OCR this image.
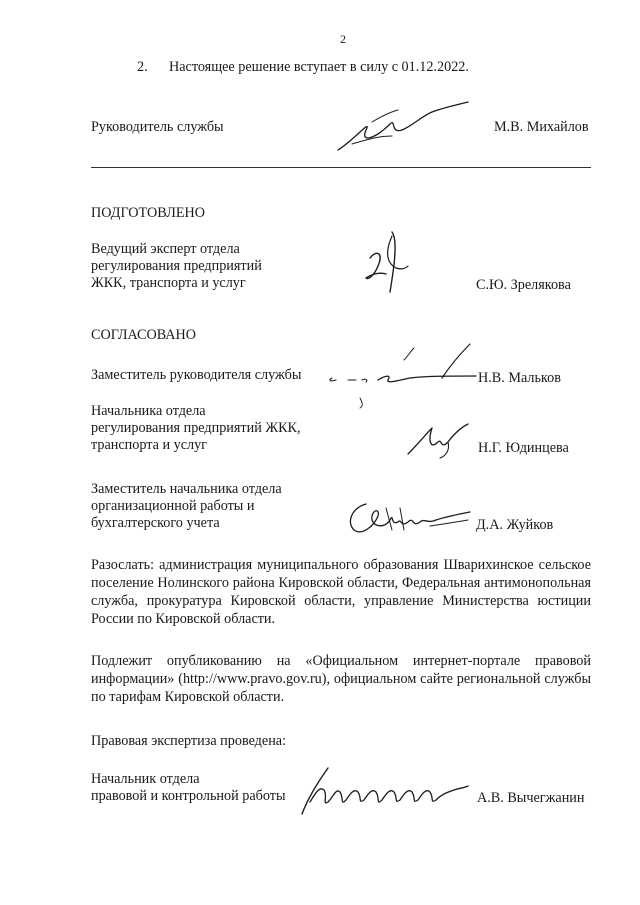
2
2. Настоящее решение вступает в силу с 01.12.2022.
Руководитель службы	М.В. Михайлов
ПОДГОТОВЛЕНО
Ведущий эксперт отдела
регулирования предприятий
ЖКК, транспорта и услуг	С.Ю. Зрелякова
СОГЛАСОВАНО
Заместитель руководителя службы	Н.В. Мальков
Начальника отдела
регулирования предприятий ЖКК,
транспорта и услуг	Н.Г. Юдинцева
Заместитель начальника отдела
организационной работы и
бухгалтерского учета	Д.А. Жуйков

Разослать: администрация муниципального образования Шварихинское сельское поселение Нолинского района Кировской области, Федеральная антимонопольная служба, прокуратура Кировской области, управление Министерства юстиции России по Кировской области.

Подлежит опубликованию на «Официальном интернет-портале правовой информации» (http://www.pravo.gov.ru), официальном сайте региональной службы по тарифам Кировской области.

Правовая экспертиза проведена:
Начальник отдела
правовой и контрольной работы	А.В. Вычегжанин
